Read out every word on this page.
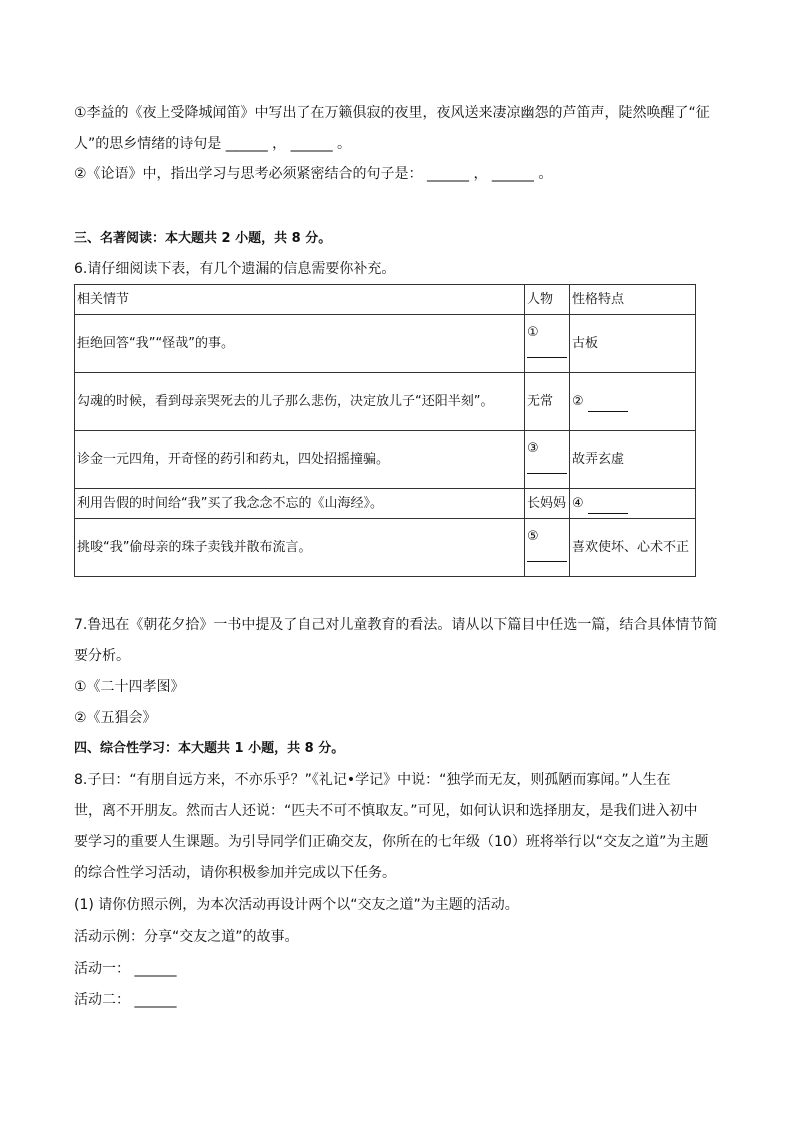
①李益的《夜上受降城闻笛》中写出了在万籁俱寂的夜里，夜风送来凄凉幽怨的芦笛声，陡然唤醒了“征
人”的思乡情绪的诗句是 ______ ， ______ 。
②《论语》中，指出学习与思考必须紧密结合的句子是： ______ ， ______ 。
三、名著阅读：本大题共 2 小题，共 8 分。
6.请仔细阅读下表，有几个遗漏的信息需要你补充。
相关情节	人物	性格特点
拒绝回答“我”“怪哉”的事。	①	古板
勾魂的时候，看到母亲哭死去的儿子那么悲伤，决定放儿子“还阳半刻”。	无常	②
诊金一元四角，开奇怪的药引和药丸，四处招摇撞骗。	③	故弄玄虚
利用告假的时间给“我”买了我念念不忘的《山海经》。	长妈妈	④
挑唆“我”偷母亲的珠子卖钱并散布流言。	⑤	喜欢使坏、心术不正
7.鲁迅在《朝花夕拾》一书中提及了自己对儿童教育的看法。请从以下篇目中任选一篇，结合具体情节简
要分析。
①《二十四孝图》
②《五猖会》
四、综合性学习：本大题共 1 小题，共 8 分。
8.子曰：“有朋自远方来，不亦乐乎？”《礼记•学记》中说：“独学而无友，则孤陋而寡闻。”人生在
世，离不开朋友。然而古人还说：“匹夫不可不慎取友。”可见，如何认识和选择朋友，是我们进入初中
要学习的重要人生课题。为引导同学们正确交友，你所在的七年级（10）班将举行以“交友之道”为主题
的综合性学习活动，请你积极参加并完成以下任务。
(1) 请你仿照示例，为本次活动再设计两个以“交友之道”为主题的活动。
活动示例：分享“交友之道”的故事。
活动一： ______
活动二： ______
